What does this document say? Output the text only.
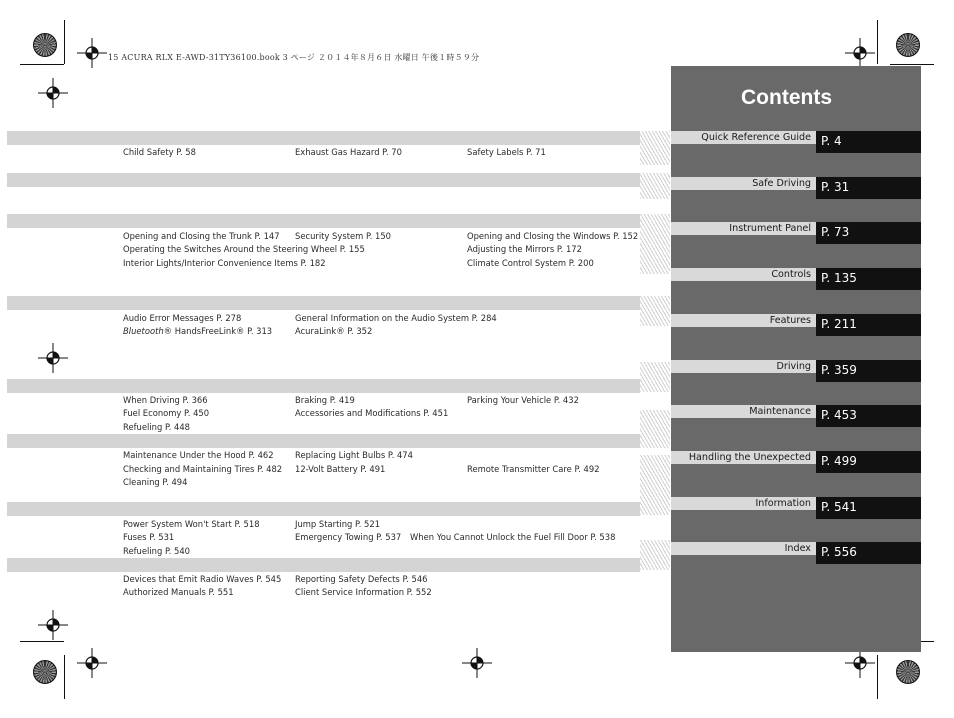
15 ACURA RLX E-AWD-31TY36100.book 3 ページ ２０１４年８月６日 水曜日 午後１時５９分
Child Safety P. 58	Exhaust Gas Hazard P. 70	Safety Labels P. 71
Opening and Closing the Trunk P. 147 Security System P. 150	Opening and Closing the Windows P. 152
Operating the Switches Around the Steering Wheel P. 155	Adjusting the Mirrors P. 172
Interior Lights/Interior Convenience Items P. 182	Climate Control System P. 200
Audio Error Messages P. 278	General Information on the Audio System P. 284
Bluetooth® HandsFreeLink® P. 313	AcuraLink® P. 352
When Driving P. 366	Braking P. 419	Parking Your Vehicle P. 432
Fuel Economy P. 450	Accessories and Modifications P. 451
Refueling P. 448
Maintenance Under the Hood P. 462	Replacing Light Bulbs P. 474
Checking and Maintaining Tires P. 482 12-Volt Battery P. 491	Remote Transmitter Care P. 492
Cleaning P. 494
Power System Won't Start P. 518	Jump Starting P. 521
Fuses P. 531	Emergency Towing P. 537 When You Cannot Unlock the Fuel Fill Door P. 538
Refueling P. 540
Devices that Emit Radio Waves P. 545 Reporting Safety Defects P. 546
Authorized Manuals P. 551	Client Service Information P. 552
Contents
Quick Reference Guide P. 4
Safe Driving P. 31
Instrument Panel P. 73
Controls P. 135
Features P. 211
Driving P. 359
Maintenance P. 453
Handling the Unexpected P. 499
Information P. 541
Index P. 556
